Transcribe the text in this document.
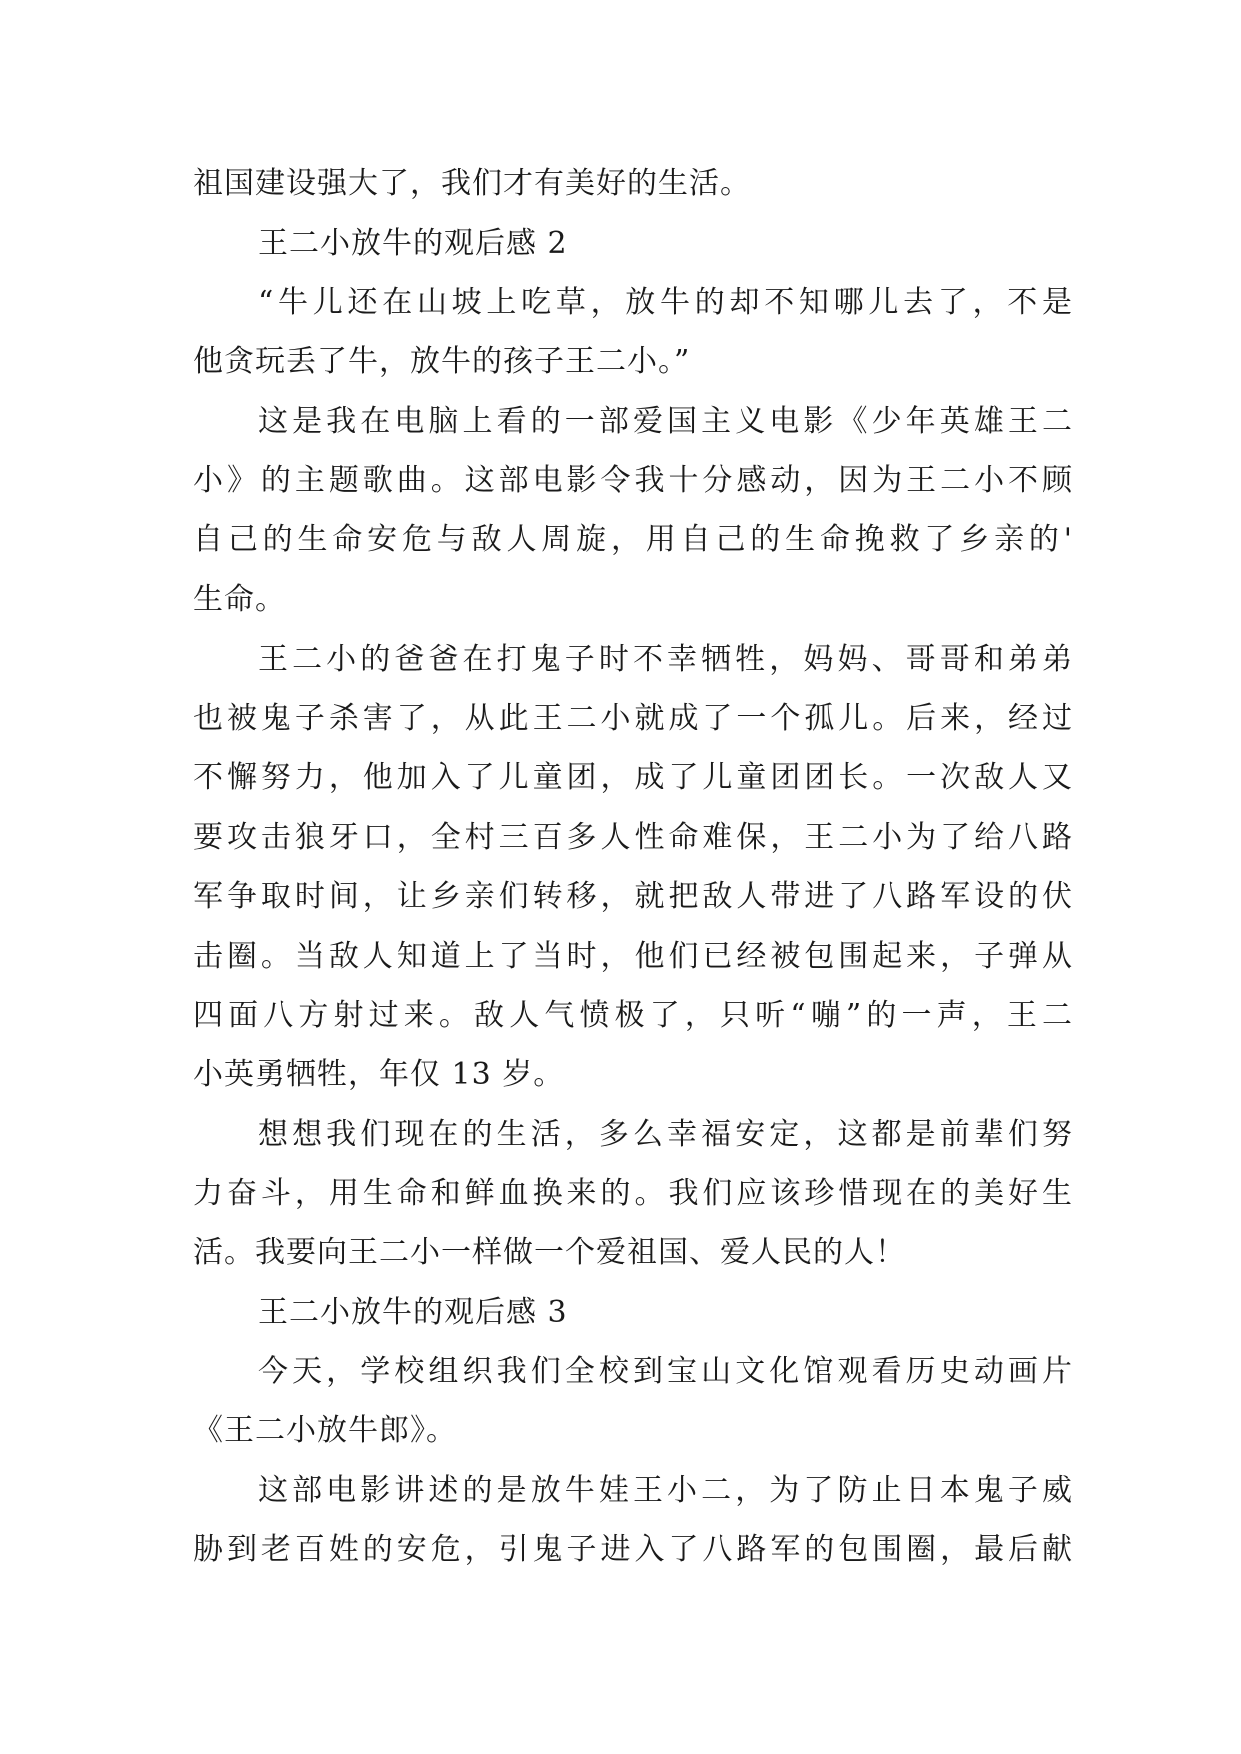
祖国建设强大了，我们才有美好的生活。
王二小放牛的观后感 2
“牛儿还在山坡上吃草，放牛的却不知哪儿去了，不是
他贪玩丢了牛，放牛的孩子王二小。”
这是我在电脑上看的一部爱国主义电影《少年英雄王二
小》的主题歌曲。这部电影令我十分感动，因为王二小不顾
自己的生命安危与敌人周旋，用自己的生命挽救了乡亲的'
生命。
王二小的爸爸在打鬼子时不幸牺牲，妈妈、哥哥和弟弟
也被鬼子杀害了，从此王二小就成了一个孤儿。后来，经过
不懈努力，他加入了儿童团，成了儿童团团长。一次敌人又
要攻击狼牙口，全村三百多人性命难保，王二小为了给八路
军争取时间，让乡亲们转移，就把敌人带进了八路军设的伏
击圈。当敌人知道上了当时，他们已经被包围起来，子弹从
四面八方射过来。敌人气愤极了，只听“嘣”的一声，王二
小英勇牺牲，年仅 13 岁。
想想我们现在的生活，多么幸福安定，这都是前辈们努
力奋斗，用生命和鲜血换来的。我们应该珍惜现在的美好生
活。我要向王二小一样做一个爱祖国、爱人民的人！
王二小放牛的观后感 3
今天，学校组织我们全校到宝山文化馆观看历史动画片
《王二小放牛郎》。
这部电影讲述的是放牛娃王小二，为了防止日本鬼子威
胁到老百姓的安危，引鬼子进入了八路军的包围圈，最后献
